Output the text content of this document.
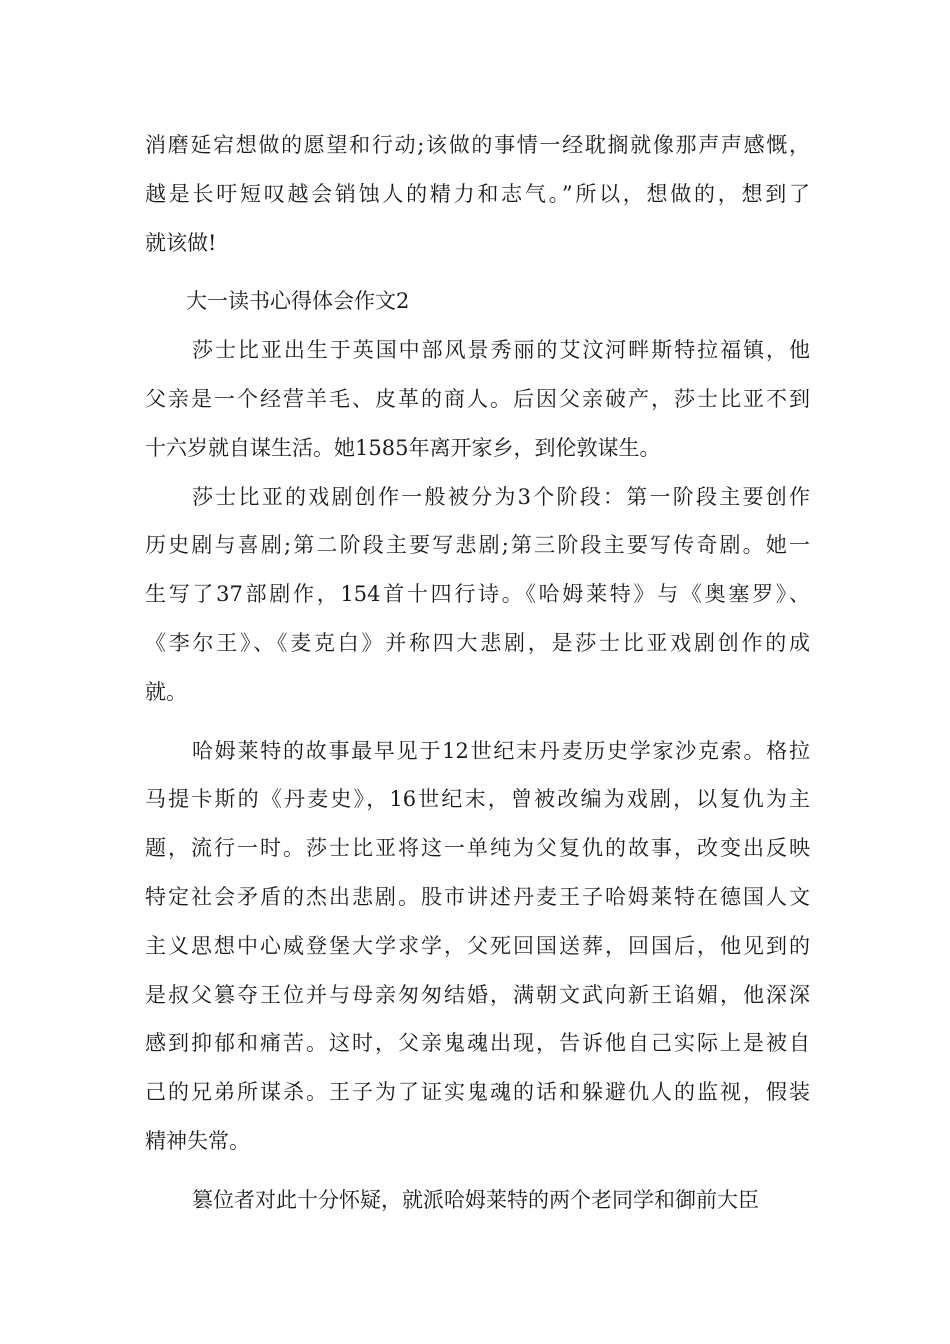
消磨延宕想做的愿望和行动;该做的事情一经耽搁就像那声声感慨，
越是长吁短叹越会销蚀人的精力和志气。”所以，想做的，想到了
就该做!
大一读书心得体会作文2
莎士比亚出生于英国中部风景秀丽的艾汶河畔斯特拉福镇，他
父亲是一个经营羊毛、皮革的商人。后因父亲破产，莎士比亚不到
十六岁就自谋生活。她1585年离开家乡，到伦敦谋生。
莎士比亚的戏剧创作一般被分为3个阶段：第一阶段主要创作
历史剧与喜剧;第二阶段主要写悲剧;第三阶段主要写传奇剧。她一
生写了37部剧作，154首十四行诗。《哈姆莱特》与《奥塞罗》、
《李尔王》、《麦克白》并称四大悲剧，是莎士比亚戏剧创作的成
就。
哈姆莱特的故事最早见于12世纪末丹麦历史学家沙克索。格拉
马提卡斯的《丹麦史》，16世纪末，曾被改编为戏剧，以复仇为主
题，流行一时。莎士比亚将这一单纯为父复仇的故事，改变出反映
特定社会矛盾的杰出悲剧。股市讲述丹麦王子哈姆莱特在德国人文
主义思想中心威登堡大学求学，父死回国送葬，回国后，他见到的
是叔父篡夺王位并与母亲匆匆结婚，满朝文武向新王谄媚，他深深
感到抑郁和痛苦。这时，父亲鬼魂出现，告诉他自己实际上是被自
己的兄弟所谋杀。王子为了证实鬼魂的话和躲避仇人的监视，假装
精神失常。
篡位者对此十分怀疑，就派哈姆莱特的两个老同学和御前大臣
